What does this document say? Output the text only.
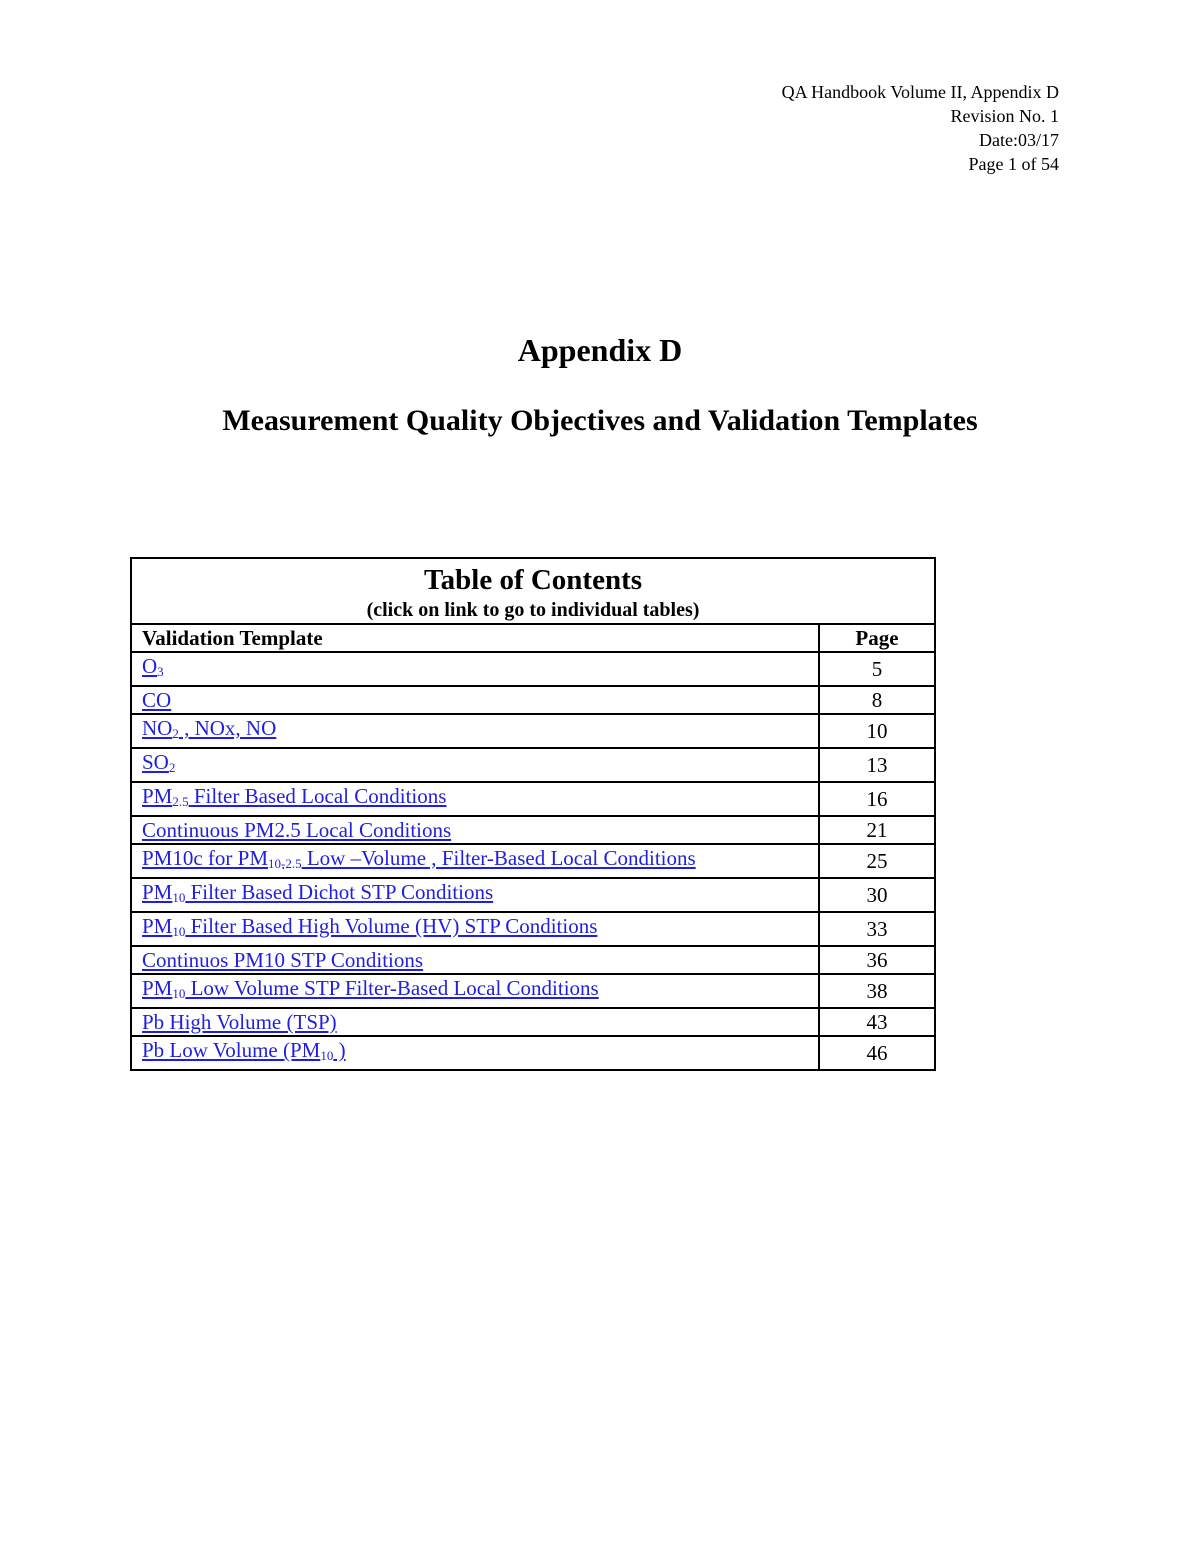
QA Handbook Volume II, Appendix D
Revision No. 1
Date:03/17
Page 1 of 54
Appendix D
Measurement Quality Objectives and Validation Templates
Table of Contents
(click on link to go to individual tables)	

Validation Template	Page
$O_3$	5
CO	8
$NO_2$ , NOx, NO	10
$SO_2$	13
$PM_{2.5}$ Filter Based Local Conditions	16
Continuous PM2.5 Local Conditions	21
PM10c for $PM_{10-2.5}$ Low –Volume , Filter-Based Local Conditions	25
$PM_{10}$ Filter Based Dichot STP Conditions	30
$PM_{10}$ Filter Based High Volume (HV) STP Conditions	33
Continuos PM10 STP Conditions	36
$PM_{10}$ Low Volume STP Filter-Based Local Conditions	38
Pb High Volume (TSP)	43
Pb Low Volume ($PM_{10}$ )	46
